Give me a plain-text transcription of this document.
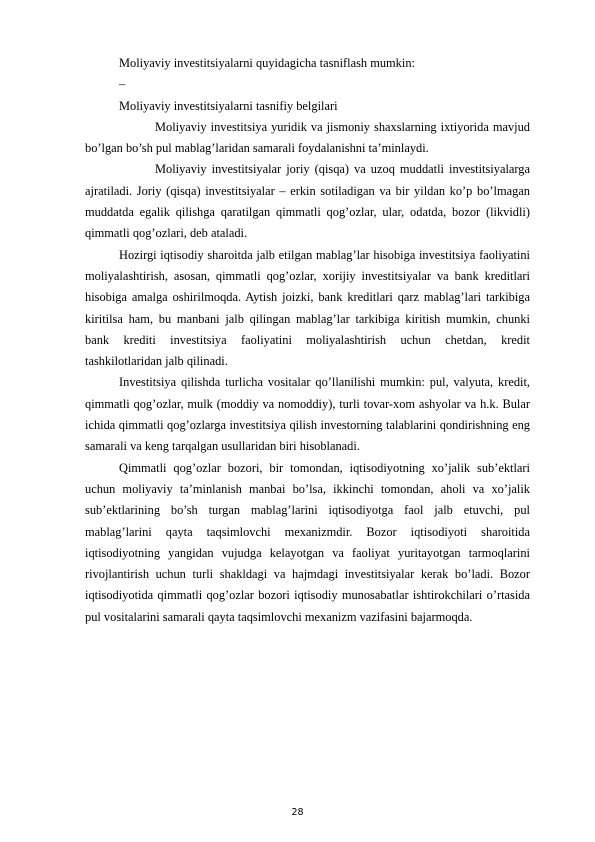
Moliyaviy investitsiyalarni quyidagicha tasniflash mumkin:

–

Moliyaviy investitsiyalarni tasnifiy belgilari

Moliyaviy investitsiya yuridik va jismoniy shaxslarning ixtiyorida mavjud bo’lgan bo’sh pul mablag’laridan samarali foydalanishni ta’minlaydi.

Moliyaviy investitsiyalar joriy (qisqa) va uzoq muddatli investitsiyalarga ajratiladi. Joriy (qisqa) investitsiyalar – erkin sotiladigan va bir yildan ko’p bo’lmagan muddatda egalik qilishga qaratilgan qimmatli qog’ozlar, ular, odatda, bozor (likvidli) qimmatli qog’ozlari, deb ataladi.

Hozirgi iqtisodiy sharoitda jalb etilgan mablag’lar hisobiga investitsiya faoliyatini moliyalashtirish, asosan, qimmatli qog’ozlar, xorijiy investitsiyalar va bank kreditlari hisobiga amalga oshirilmoqda. Aytish joizki, bank kreditlari qarz mablag’lari tarkibiga kiritilsa ham, bu manbani jalb qilingan mablag’lar tarkibiga kiritish mumkin, chunki bank krediti investitsiya faoliyatini moliyalashtirish uchun chetdan, kredit tashkilotlaridan jalb qilinadi.

Investitsiya qilishda turlicha vositalar qo’llanilishi mumkin: pul, valyuta, kredit, qimmatli qog’ozlar, mulk (moddiy va nomoddiy), turli tovar-xom ashyolar va h.k. Bular ichida qimmatli qog’ozlarga investitsiya qilish investorning talablarini qondirishning eng samarali va keng tarqalgan usullaridan biri hisoblanadi.

Qimmatli qog’ozlar bozori, bir tomondan, iqtisodiyotning xo’jalik sub’ektlari uchun moliyaviy ta’minlanish manbai bo’lsa, ikkinchi tomondan, aholi va xo’jalik sub’ektlarining bo’sh turgan mablag’larini iqtisodiyotga faol jalb etuvchi, pul mablag’larini qayta taqsimlovchi mexanizmdir. Bozor iqtisodiyoti sharoitida iqtisodiyotning yangidan vujudga kelayotgan va faoliyat yuritayotgan tarmoqlarini rivojlantirish uchun turli shakldagi va hajmdagi investitsiyalar kerak bo’ladi. Bozor iqtisodiyotida qimmatli qog’ozlar bozori iqtisodiy munosabatlar ishtirokchilari o’rtasida pul vositalarini samarali qayta taqsimlovchi mexanizm vazifasini bajarmoqda.

28
